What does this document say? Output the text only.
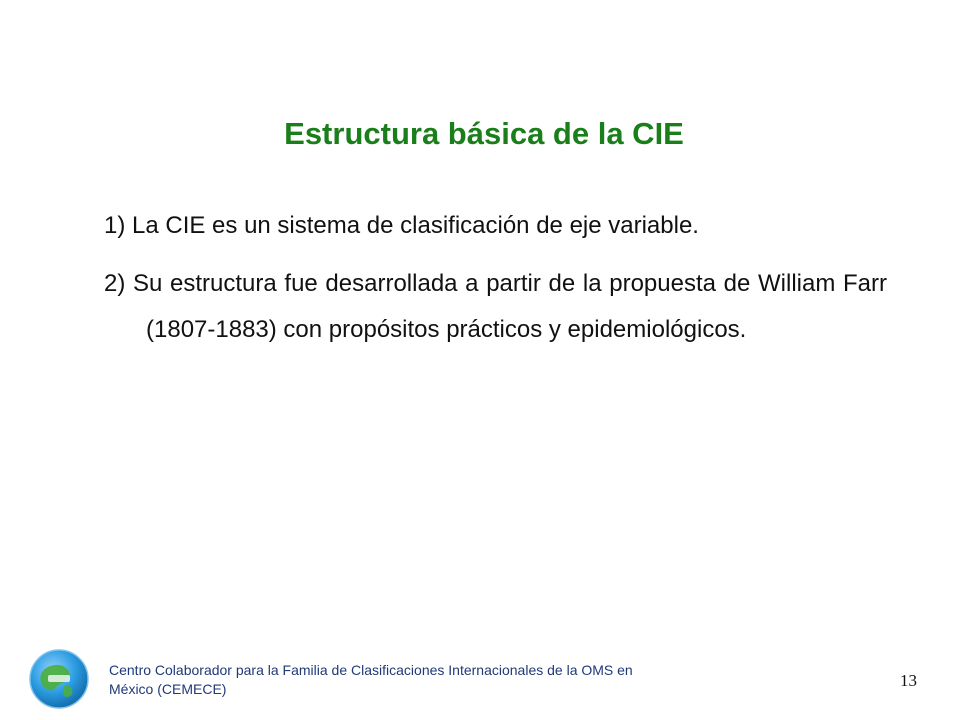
Estructura básica de la CIE
1) La CIE es un sistema de clasificación de eje variable.
2) Su estructura fue desarrollada a partir de la propuesta de William Farr (1807-1883) con propósitos prácticos y epidemiológicos.

Centro Colaborador para la Familia de Clasificaciones Internacionales de la OMS en México (CEMECE)	13
